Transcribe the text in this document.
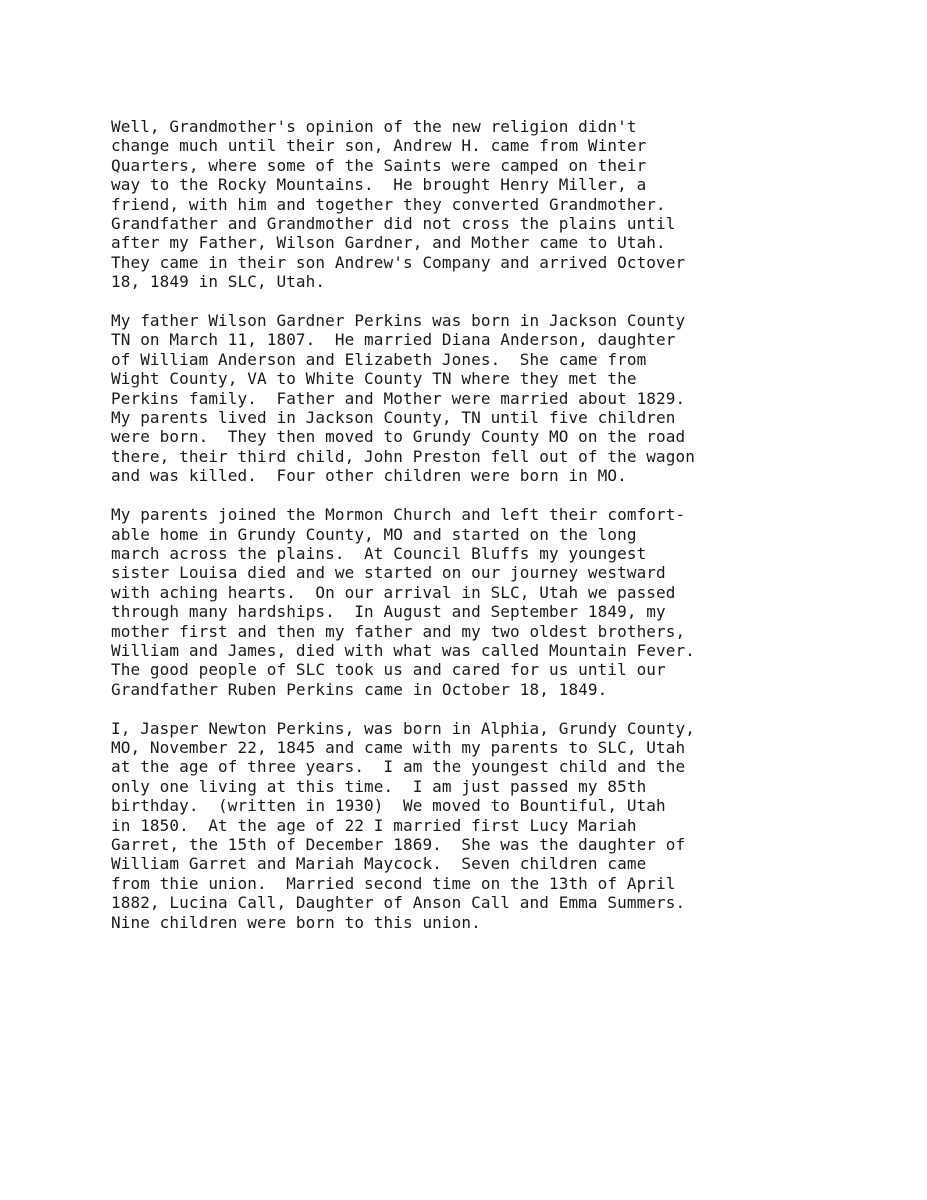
Well, Grandmother's opinion of the new religion didn't
change much until their son, Andrew H. came from Winter
Quarters, where some of the Saints were camped on their
way to the Rocky Mountains.  He brought Henry Miller, a
friend, with him and together they converted Grandmother.
Grandfather and Grandmother did not cross the plains until
after my Father, Wilson Gardner, and Mother came to Utah.
They came in their son Andrew's Company and arrived Octover
18, 1849 in SLC, Utah.

My father Wilson Gardner Perkins was born in Jackson County
TN on March 11, 1807.  He married Diana Anderson, daughter
of William Anderson and Elizabeth Jones.  She came from
Wight County, VA to White County TN where they met the
Perkins family.  Father and Mother were married about 1829.
My parents lived in Jackson County, TN until five children
were born.  They then moved to Grundy County MO on the road
there, their third child, John Preston fell out of the wagon
and was killed.  Four other children were born in MO.

My parents joined the Mormon Church and left their comfort-
able home in Grundy County, MO and started on the long
march across the plains.  At Council Bluffs my youngest
sister Louisa died and we started on our journey westward
with aching hearts.  On our arrival in SLC, Utah we passed
through many hardships.  In August and September 1849, my
mother first and then my father and my two oldest brothers,
William and James, died with what was called Mountain Fever.
The good people of SLC took us and cared for us until our
Grandfather Ruben Perkins came in October 18, 1849.

I, Jasper Newton Perkins, was born in Alphia, Grundy County,
MO, November 22, 1845 and came with my parents to SLC, Utah
at the age of three years.  I am the youngest child and the
only one living at this time.  I am just passed my 85th
birthday.  (written in 1930)  We moved to Bountiful, Utah
in 1850.  At the age of 22 I married first Lucy Mariah
Garret, the 15th of December 1869.  She was the daughter of
William Garret and Mariah Maycock.  Seven children came
from thie union.  Married second time on the 13th of April
1882, Lucina Call, Daughter of Anson Call and Emma Summers.
Nine children were born to this union.
